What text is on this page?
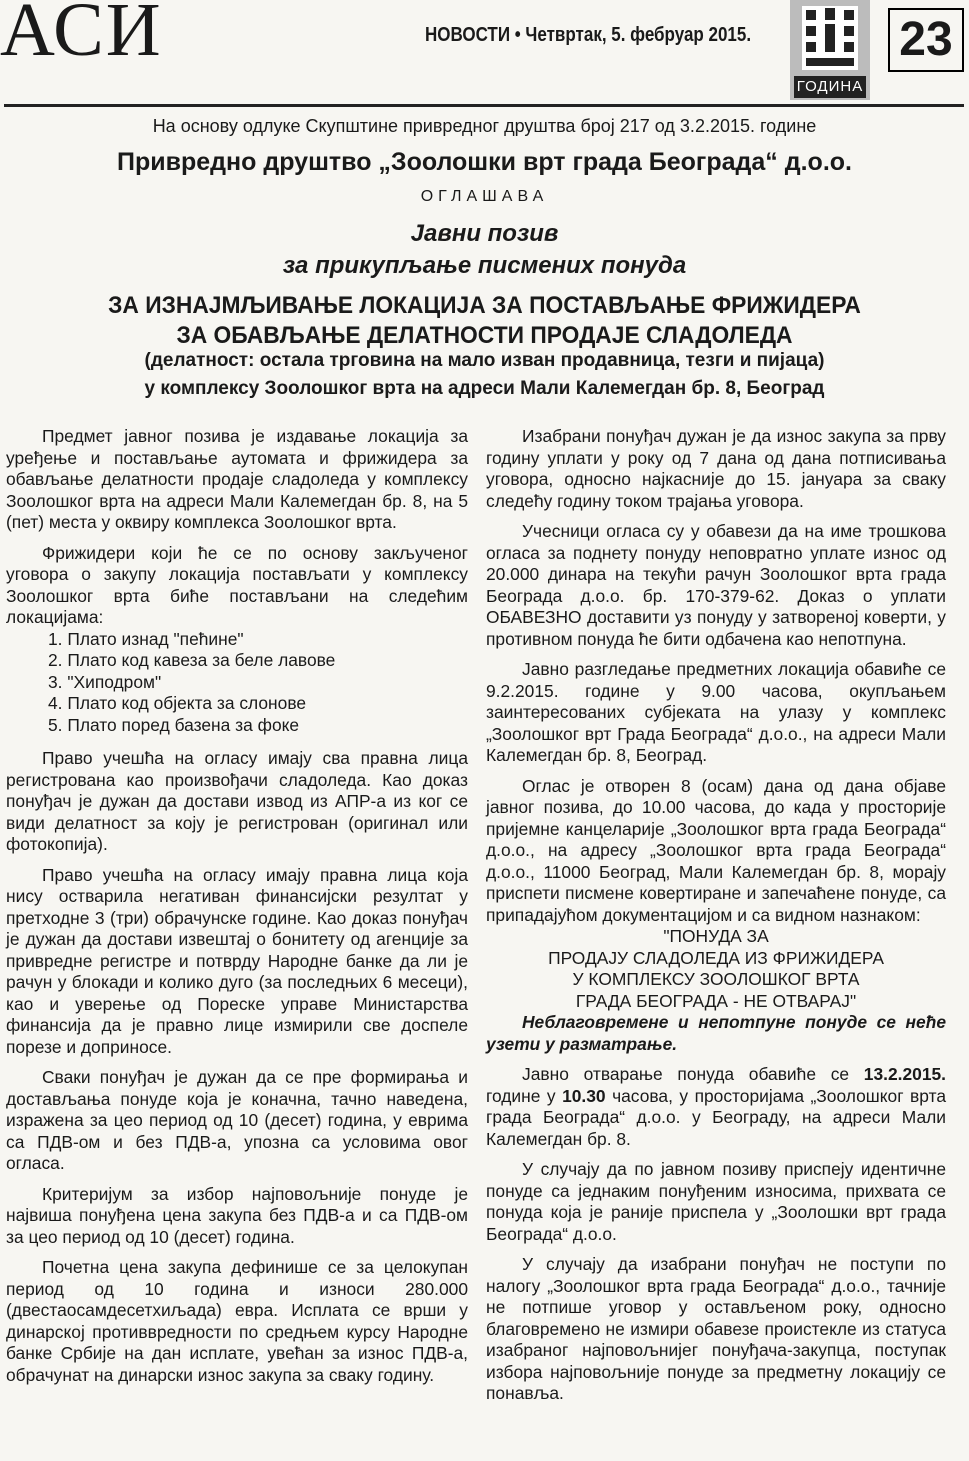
АСИ	НОВОСТИ • Четвртак, 5. фебруар 2015.
ГОДИНА
23
На основу одлуке Скупштине привредног друштва број 217 од 3.2.2015. године
Привредно друштво „Зоолошки врт града Београда“ д.о.о.
ОГЛАШАВА
Јавни позив
за прикупљање писмених понуда
ЗА ИЗНАЈМЉИВАЊЕ ЛОКАЦИЈА ЗА ПОСТАВЉАЊЕ ФРИЖИДЕРА
ЗА ОБАВЉАЊЕ ДЕЛАТНОСТИ ПРОДАЈЕ СЛАДОЛЕДА
(делатност: остала трговина на мало изван продавница, тезги и пијаца)
у комплексу Зоолошког врта на адреси Мали Калемегдан бр. 8, Београд

Предмет јавног позива је издавање локација за уређење и постављање аутомата и фрижидера за обављање делатности продаје сладоледа у комплексу Зоолошког врта на адреси Мали Калемегдан бр. 8, на 5 (пет) места у оквиру комплекса Зоолошког врта.

Фрижидери који ће се по основу закљученог уговора о закупу локација постављати у комплексу Зоолошког врта биће постављани на следећим локацијама:

1. Плато изнад "пећине"
2. Плато код кавеза за беле лавове
3. "Хиподром"
4. Плато код објекта за слонове
5. Плато поред базена за фоке

Право учешћа на огласу имају сва правна лица регистрована као произвођачи сладоледа. Као доказ понуђач је дужан да достави извод из АПР-а из ког се види делатност за коју је регистрован (оригинал или фотокопија).

Право учешћа на огласу имају правна лица која нису остварила негативан финансијски резултат у претходне 3 (три) обрачунске године. Као доказ понуђач је дужан да достави извештај о бонитету од агенције за привредне регистре и потврду Народне банке да ли је рачун у блокади и колико дуго (за последњих 6 месеци), као и уверење од Пореске управе Министарства финансија да је правно лице измирили све доспеле порезе и доприносе.

Сваки понуђач је дужан да се пре формирања и достављања понуде која је коначна, тачно наведена, изражена за цео период од 10 (десет) година, у еврима са ПДВ-ом и без ПДВ-а, упозна са условима овог огласа.

Критеријум за избор најповољније понуде је највиша понуђена цена закупа без ПДВ-а и са ПДВ-ом за цео период од 10 (десет) година.

Почетна цена закупа дефинише се за целокупан период од 10 година и износи 280.000 (двестаосамдесетхиљада) евра. Исплата се врши у динарској противвредности по средњем курсу Народне банке Србије на дан исплате, увећан за износ ПДВ-а, обрачунат на динарски износ закупа за сваку годину.

Изабрани понуђач дужан је да износ закупа за прву годину уплати у року од 7 дана од дана потписивања уговора, односно најкасније до 15. јануара за сваку следећу годину током трајања уговора.

Учесници огласа су у обавези да на име трошкова огласа за поднету понуду неповратно уплате износ од 20.000 динара на текући рачун Зоолошког врта града Београда д.о.о. бр. 170-379-62. Доказ о уплати ОБАВЕЗНО доставити уз понуду у затвореној коверти, у противном понуда ће бити одбачена као непотпуна.

Јавно разгледање предметних локација обавиће се 9.2.2015. године у 9.00 часова, окупљањем заинтересованих субјеката на улазу у комплекс „Зоолошког врт Града Београда“ д.о.о., на адреси Мали Калемегдан бр. 8, Београд.

Оглас је отворен 8 (осам) дана од дана објаве јавног позива, до 10.00 часова, до када у просторије пријемне канцеларије „Зоолошког врта града Београда“ д.о.о., на адресу „Зоолошког врта града Београда“ д.о.о., 11000 Београд, Мали Калемегдан бр. 8, морају приспети писмене ковертиране и запечаћене понуде, са припадајућом документацијом и са видном назнаком:

"ПОНУДА ЗА
ПРОДАЈУ СЛАДОЛЕДА ИЗ ФРИЖИДЕРА
У КОМПЛЕКСУ ЗООЛОШКОГ ВРТА
ГРАДА БЕОГРАДА - НЕ ОТВАРАЈ"

Неблаговремене и непотпуне понуде се неће узети у разматрање.

Јавно отварање понуда обавиће се 13.2.2015. године у 10.30 часова, у просторијама „Зоолошког врта града Београда“ д.о.о. у Београду, на адреси Мали Калемегдан бр. 8.

У случају да по јавном позиву приспеју идентичне понуде са једнаким понуђеним износима, прихвата се понуда која је раније приспела у „Зоолошки врт града Београда“ д.о.о.

У случају да изабрани понуђач не поступи по налогу „Зоолошког врта града Београда“ д.о.о., тачније не потпише уговор у остављеном року, односно благовремено не измири обавезе проистекле из статуса изабраног најповољнијег понуђача-закупца, поступак избора најповољније понуде за предметну локацију се понавља.
